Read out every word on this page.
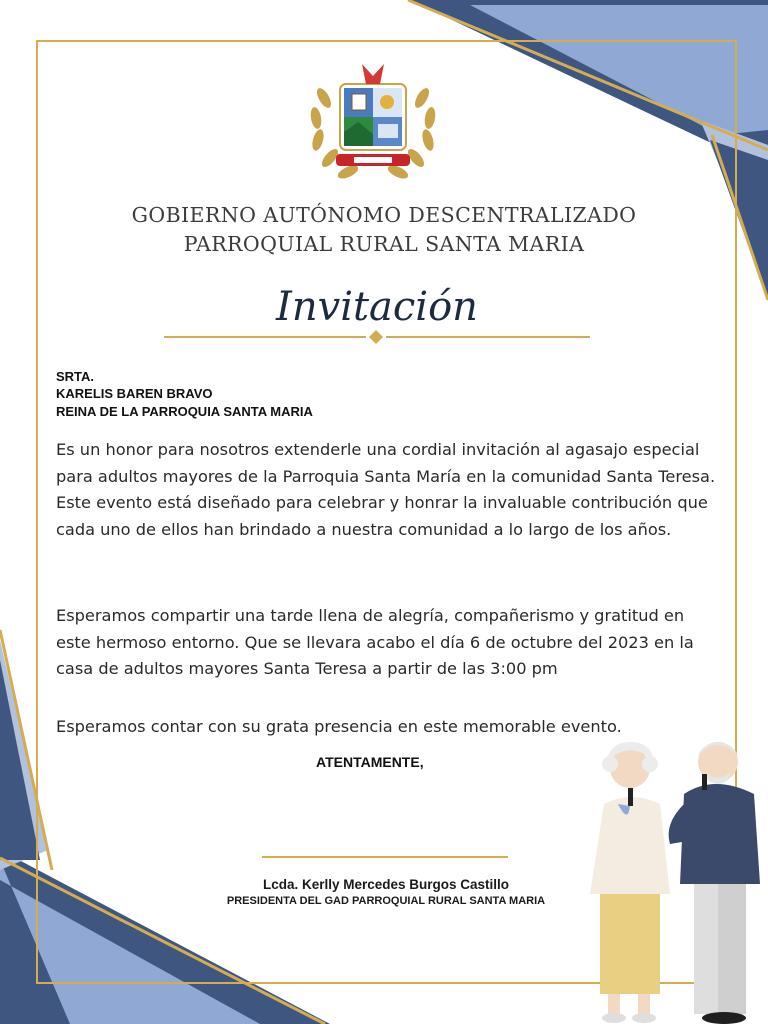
GOBIERNO AUTÓNOMO DESCENTRALIZADO
PARROQUIAL RURAL SANTA MARIA
Invitación
SRTA.
KARELIS BAREN BRAVO
REINA DE LA PARROQUIA SANTA MARIA

Es un honor para nosotros extenderle una cordial invitación al agasajo especial para adultos mayores de la Parroquia Santa María en la comunidad Santa Teresa. Este evento está diseñado para celebrar y honrar la invaluable contribución que cada uno de ellos han brindado a nuestra comunidad a lo largo de los años.

Esperamos compartir una tarde llena de alegría, compañerismo y gratitud en este hermoso entorno. Que se llevara acabo el día 6 de octubre del 2023 en la casa de adultos mayores Santa Teresa a partir de las 3:00 pm

Esperamos contar con su grata presencia en este memorable evento.

ATENTAMENTE,
Lcda. Kerlly Mercedes Burgos Castillo
PRESIDENTA DEL GAD PARROQUIAL RURAL SANTA MARIA
